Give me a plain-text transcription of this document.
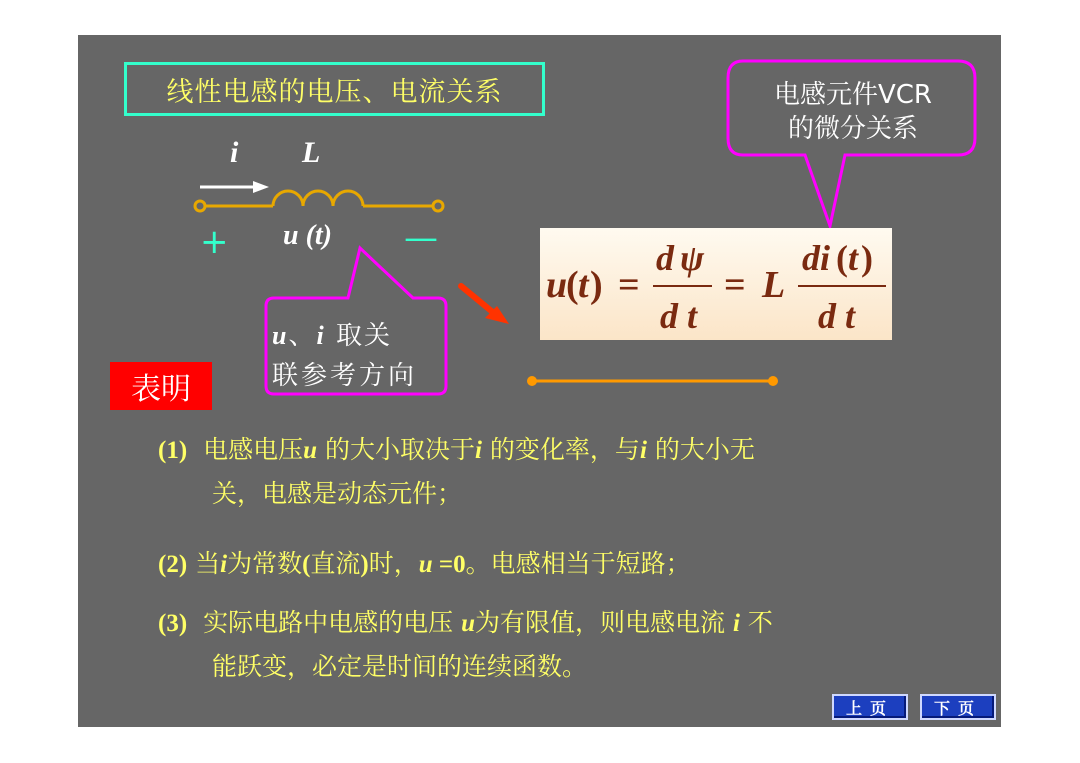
线性电感的电压、电流关系
i L
+	—
u (t)
u、i 取关
联参考方向
电感元件VCR
的微分关系
u
( t ) =
d ψ
d t
= L
di ( t )
d t
表明
(1) 电感电压u 的大小取决于i 的变化率，与i 的大小无
关，电感是动态元件；
(2) 当i为常数(直流)时，u =0。电感相当于短路；
(3) 实际电路中电感的电压 u为有限值，则电感电流 i 不
能跃变，必定是时间的连续函数。
上页	下页
